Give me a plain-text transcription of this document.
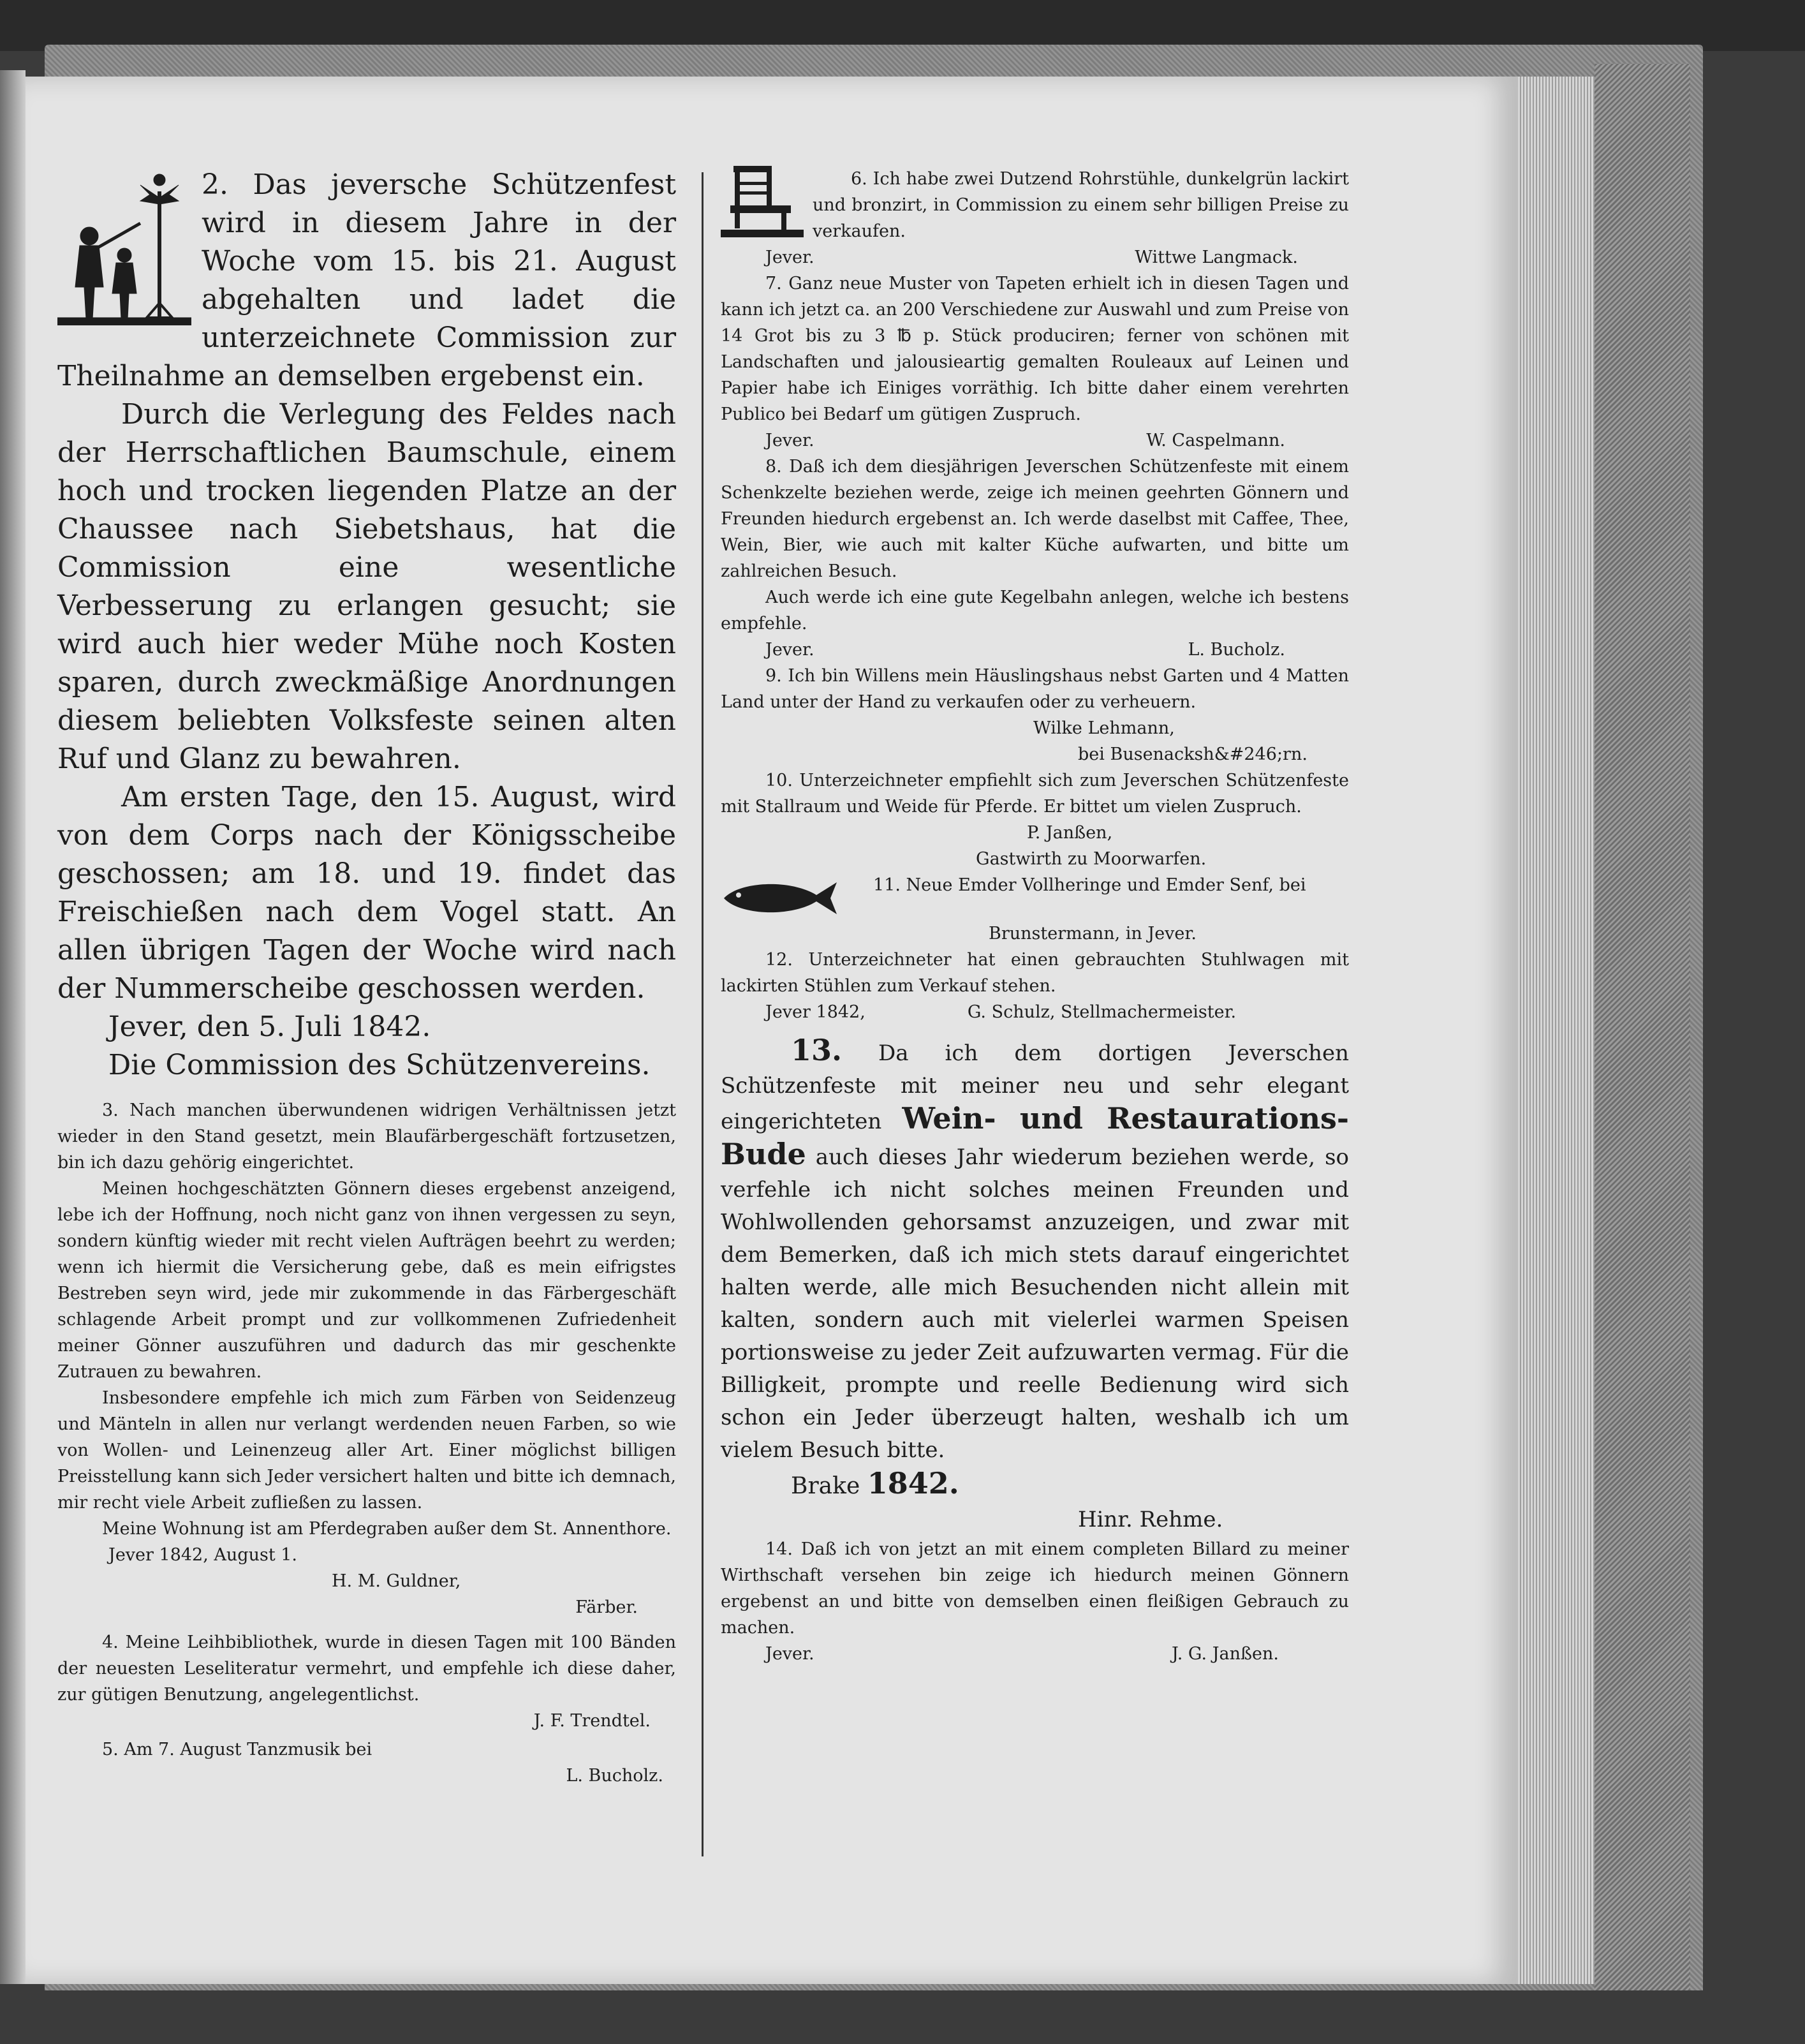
2. Das jeversche Schützenfest wird in diesem Jahre in der Woche vom 15. bis 21. August abgehalten und ladet die unterzeichnete Commission zur Theilnahme an demselben ergebenst ein.

Durch die Verlegung des Feldes nach der Herrschaftlichen Baumschule, einem hoch und trocken liegenden Platze an der Chaussee nach Siebetshaus, hat die Commission eine wesentliche Verbesserung zu erlangen gesucht; sie wird auch hier weder Mühe noch Kosten sparen, durch zweckmäßige Anordnungen diesem beliebten Volksfeste seinen alten Ruf und Glanz zu bewahren.

Am ersten Tage, den 15. August, wird von dem Corps nach der Königsscheibe geschossen; am 18. und 19. findet das Freischießen nach dem Vogel statt. An allen übrigen Tagen der Woche wird nach der Nummerscheibe geschossen werden.

Jever, den 5. Juli 1842.

Die Commission des Schützenvereins.

3. Nach manchen überwundenen widrigen Verhältnissen jetzt wieder in den Stand gesetzt, mein Blaufärbergeschäft fortzusetzen, bin ich dazu gehörig eingerichtet.

Meinen hochgeschätzten Gönnern dieses ergebenst anzeigend, lebe ich der Hoffnung, noch nicht ganz von ihnen vergessen zu seyn, sondern künftig wieder mit recht vielen Aufträgen beehrt zu werden; wenn ich hiermit die Versicherung gebe, daß es mein eifrigstes Bestreben seyn wird, jede mir zukommende in das Färbergeschäft schlagende Arbeit prompt und zur vollkommenen Zufriedenheit meiner Gönner auszuführen und dadurch das mir geschenkte Zutrauen zu bewahren.

Insbesondere empfehle ich mich zum Färben von Seidenzeug und Mänteln in allen nur verlangt werdenden neuen Farben, so wie von Wollen- und Leinenzeug aller Art. Einer möglichst billigen Preisstellung kann sich Jeder versichert halten und bitte ich demnach, mir recht viele Arbeit zufließen zu lassen.

Meine Wohnung ist am Pferdegraben außer dem St. Annenthore.

Jever 1842, August 1.

H. M. Guldner,

Färber.

4. Meine Leihbibliothek, wurde in diesen Tagen mit 100 Bänden der neuesten Leseliteratur vermehrt, und empfehle ich diese daher, zur gütigen Benutzung, angelegentlichst.

J. F. Trendtel.

5. Am 7. August Tanzmusik bei

L. Bucholz.

6. Ich habe zwei Dutzend Rohrstühle, dunkelgrün lackirt und bronzirt, in Commission zu einem sehr billigen Preise zu verkaufen.

Jever.	Wittwe Langmack.

7. Ganz neue Muster von Tapeten erhielt ich in diesen Tagen und kann ich jetzt ca. an 200 Verschiedene zur Auswahl und zum Preise von 14 Grot bis zu 3 ℔ p. Stück produciren; ferner von schönen mit Landschaften und jalousieartig gemalten Rouleaux auf Leinen und Papier habe ich Einiges vorräthig. Ich bitte daher einem verehrten Publico bei Bedarf um gütigen Zuspruch.

Jever.	W. Caspelmann.

8. Daß ich dem diesjährigen Jeverschen Schützenfeste mit einem Schenkzelte beziehen werde, zeige ich meinen geehrten Gönnern und Freunden hiedurch ergebenst an. Ich werde daselbst mit Caffee, Thee, Wein, Bier, wie auch mit kalter Küche aufwarten, und bitte um zahlreichen Besuch.

Auch werde ich eine gute Kegelbahn anlegen, welche ich bestens empfehle.

Jever.	L. Bucholz.

9. Ich bin Willens mein Häuslingshaus nebst Garten und 4 Matten Land unter der Hand zu verkaufen oder zu verheuern.

Wilke Lehmann,

bei Busenacksh&#246;rn.

10. Unterzeichneter empfiehlt sich zum Jeverschen Schützenfeste mit Stallraum und Weide für Pferde. Er bittet um vielen Zuspruch.

P. Janßen,

Gastwirth zu Moorwarfen.

11. Neue Emder Vollheringe und Emder Senf, bei

Brunstermann, in Jever.

12. Unterzeichneter hat einen gebrauchten Stuhlwagen mit lackirten Stühlen zum Verkauf stehen.

Jever 1842,	G. Schulz, Stellmachermeister.

13. Da ich dem dortigen Jeverschen Schützenfeste mit meiner neu und sehr elegant eingerichteten Wein- und Restaurations-Bude auch dieses Jahr wiederum beziehen werde, so verfehle ich nicht solches meinen Freunden und Wohlwollenden gehorsamst anzuzeigen, und zwar mit dem Bemerken, daß ich mich stets darauf eingerichtet halten werde, alle mich Besuchenden nicht allein mit kalten, sondern auch mit vielerlei warmen Speisen portionsweise zu jeder Zeit aufzuwarten vermag. Für die Billigkeit, prompte und reelle Bedienung wird sich schon ein Jeder überzeugt halten, weshalb ich um vielem Besuch bitte.

Brake 1842.

Hinr. Rehme.

14. Daß ich von jetzt an mit einem completen Billard zu meiner Wirthschaft versehen bin zeige ich hiedurch meinen Gönnern ergebenst an und bitte von demselben einen fleißigen Gebrauch zu machen.

Jever.	J. G. Janßen.
